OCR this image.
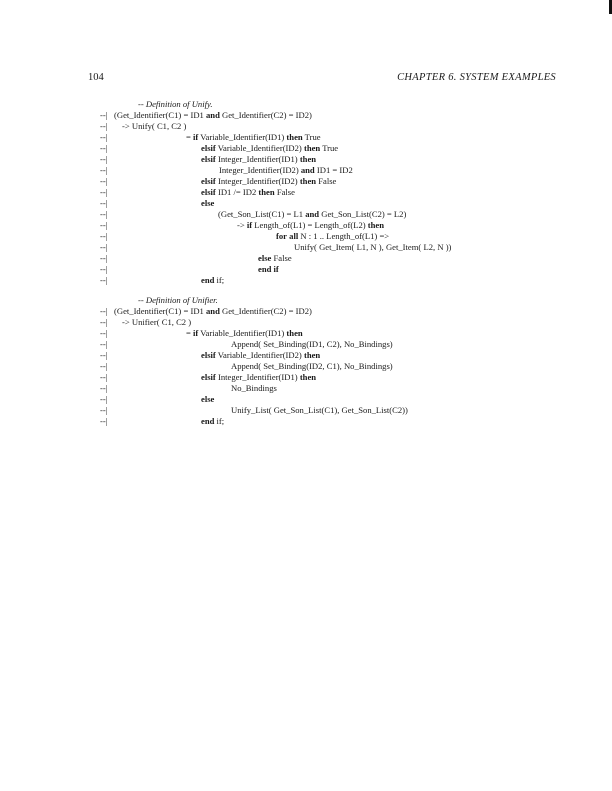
104	CHAPTER 6. SYSTEM EXAMPLES
-- Definition of Unify.
--| (Get_Identifier(C1) = ID1 and Get_Identifier(C2) = ID2)
--| -> Unify( C1, C2 )
--|	= if Variable_Identifier(ID1) then True
--|	elsif Variable_Identifier(ID2) then True
--|	elsif Integer_Identifier(ID1) then
--|	Integer_Identifier(ID2) and ID1 = ID2
--|	elsif Integer_Identifier(ID2) then False
--|	elsif ID1 /= ID2 then False
--|	else
--|	(Get_Son_List(C1) = L1 and Get_Son_List(C2) = L2)
--|	-> if Length_of(L1) = Length_of(L2) then
--|	for all N : 1 .. Length_of(L1) =>
--|	Unify( Get_Item( L1, N ), Get_Item( L2, N ))
--|	else False
--|	end if
--|	end if;
-- Definition of Unifier.
--| (Get_Identifier(C1) = ID1 and Get_Identifier(C2) = ID2)
--| -> Unifier( C1, C2 )
--|	= if Variable_Identifier(ID1) then
--|	Append( Set_Binding(ID1, C2), No_Bindings)
--|	elsif Variable_Identifier(ID2) then
--|	Append( Set_Binding(ID2, C1), No_Bindings)
--|	elsif Integer_Identifier(ID1) then
--|	No_Bindings
--|	else
--|	Unify_List( Get_Son_List(C1), Get_Son_List(C2))
--|	end if;
